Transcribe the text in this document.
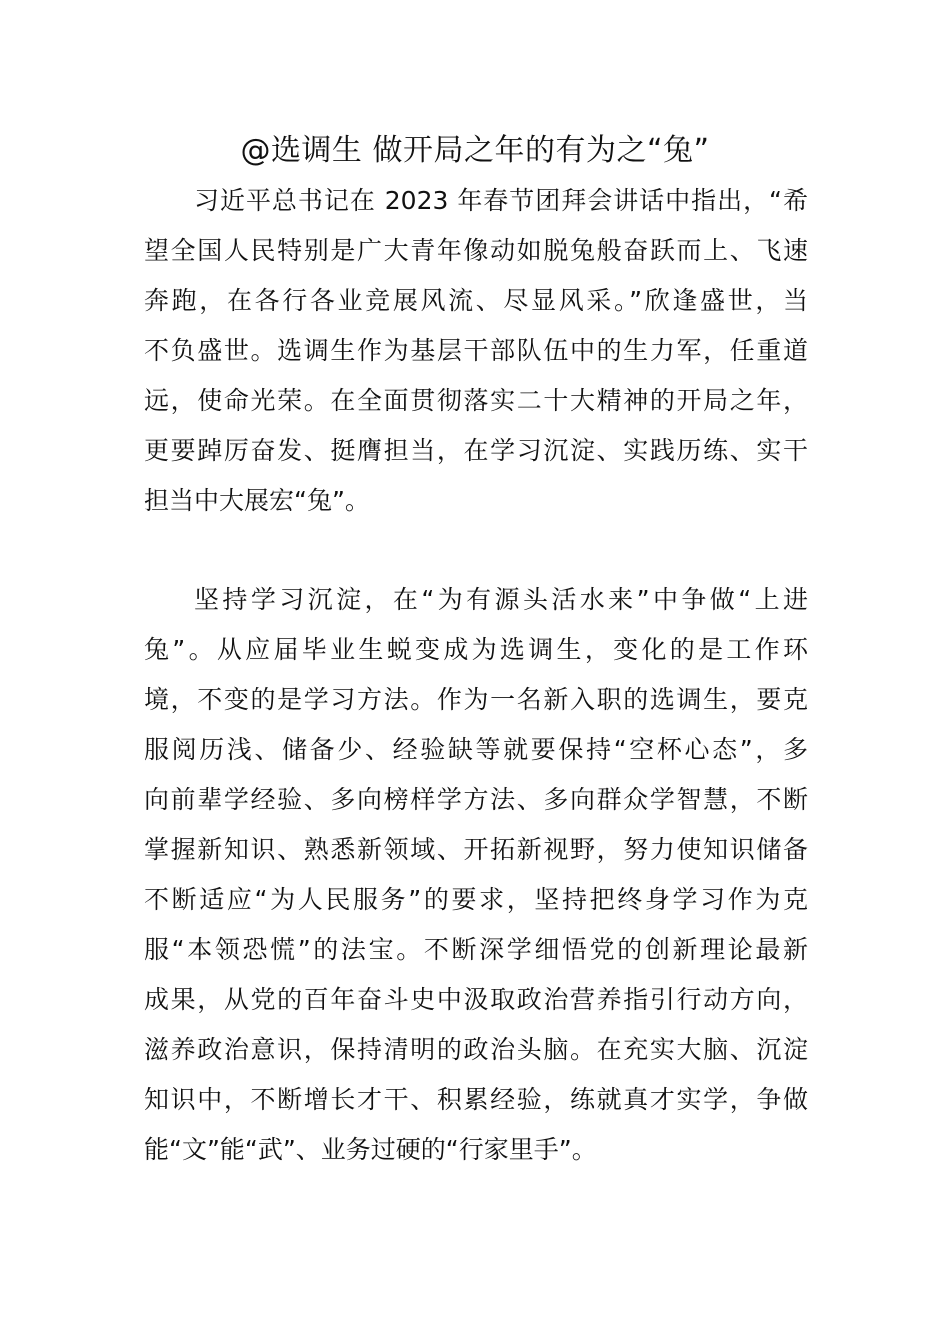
@选调生 做开局之年的有为之“兔”
习近平总书记在 2023 年春节团拜会讲话中指出，“希
望全国人民特别是广大青年像动如脱兔般奋跃而上、飞速
奔跑，在各行各业竞展风流、尽显风采。”欣逢盛世，当
不负盛世。选调生作为基层干部队伍中的生力军，任重道
远，使命光荣。在全面贯彻落实二十大精神的开局之年，
更要踔厉奋发、挺膺担当，在学习沉淀、实践历练、实干
担当中大展宏“兔”。
坚持学习沉淀，在“为有源头活水来”中争做“上进
兔”。从应届毕业生蜕变成为选调生，变化的是工作环
境，不变的是学习方法。作为一名新入职的选调生，要克
服阅历浅、储备少、经验缺等就要保持“空杯心态”，多
向前辈学经验、多向榜样学方法、多向群众学智慧，不断
掌握新知识、熟悉新领域、开拓新视野，努力使知识储备
不断适应“为人民服务”的要求，坚持把终身学习作为克
服“本领恐慌”的法宝。不断深学细悟党的创新理论最新
成果，从党的百年奋斗史中汲取政治营养指引行动方向，
滋养政治意识，保持清明的政治头脑。在充实大脑、沉淀
知识中，不断增长才干、积累经验，练就真才实学，争做
能“文”能“武”、业务过硬的“行家里手”。
